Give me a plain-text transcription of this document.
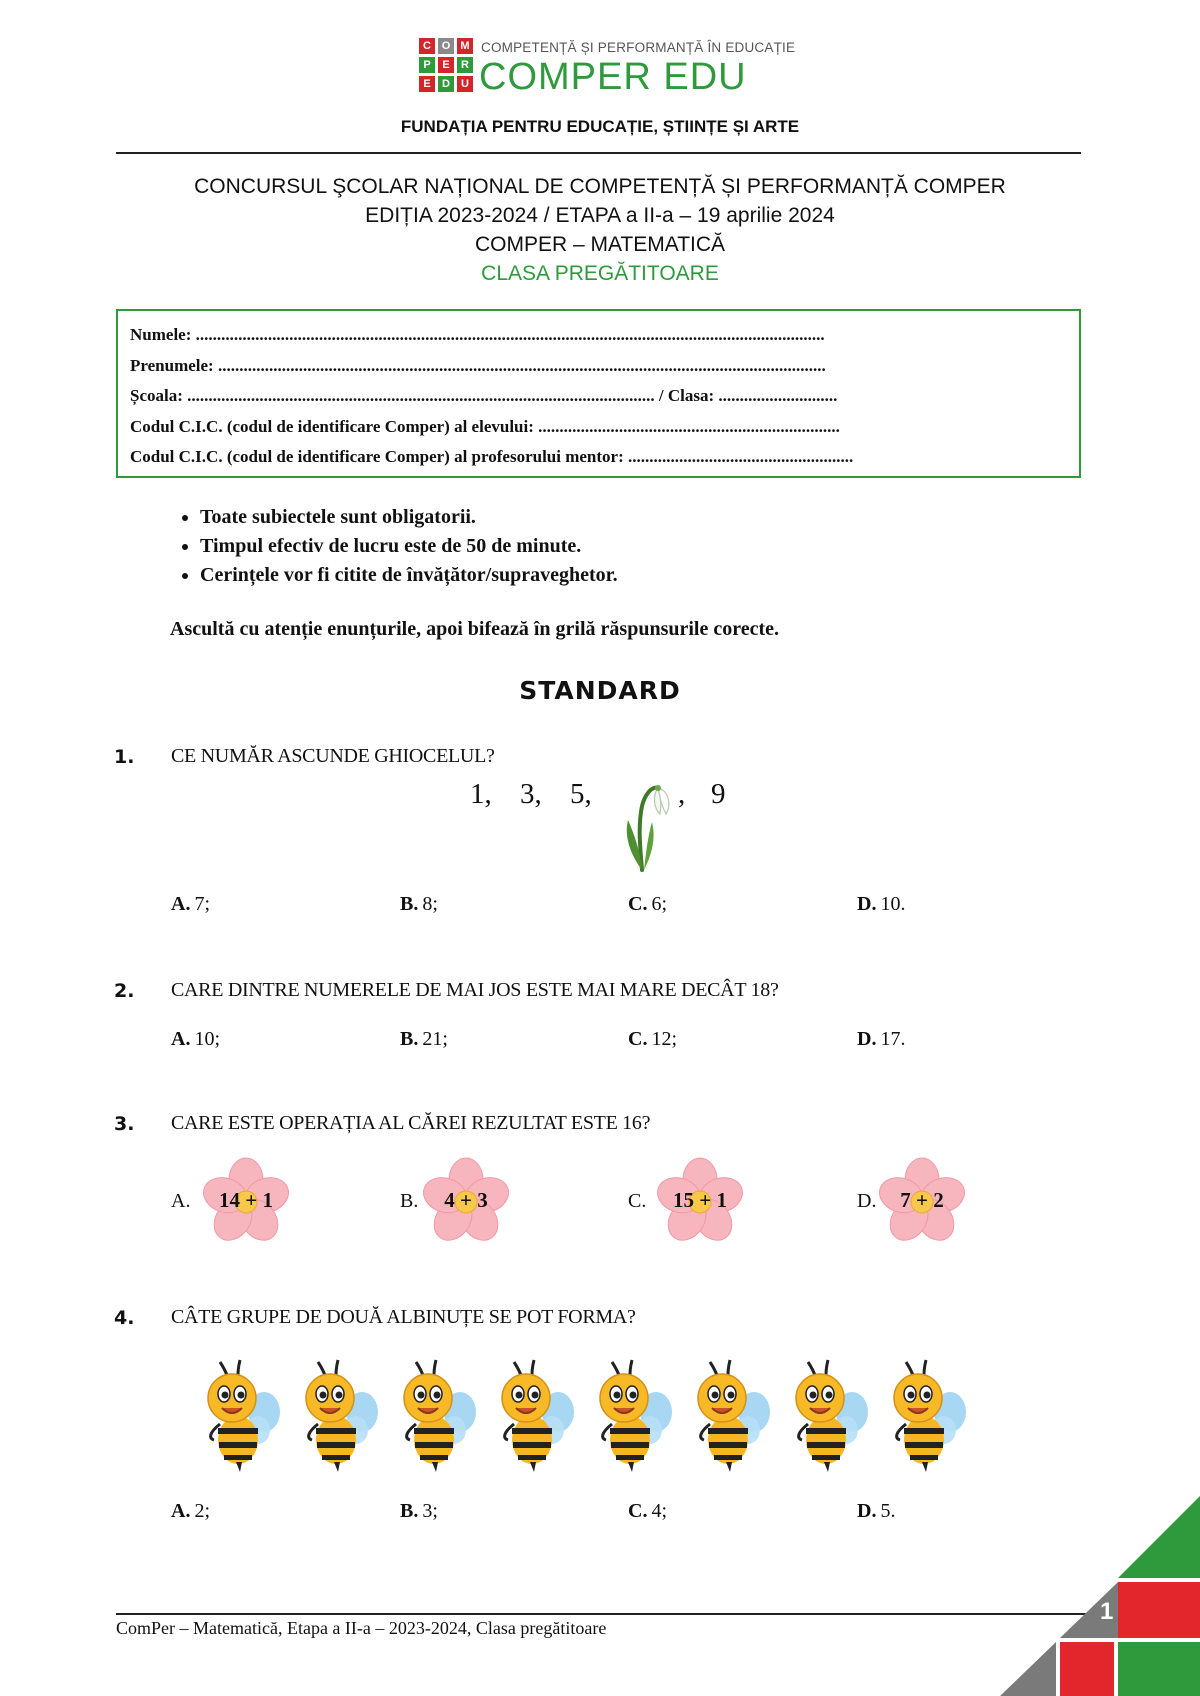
C O M
P	E	R
E	D	U
COMPETENȚĂ ȘI PERFORMANȚĂ ÎN EDUCAȚIE
COMPER EDU
FUNDAȚIA PENTRU EDUCAȚIE, ȘTIINȚE ȘI ARTE
CONCURSUL ŞCOLAR NAȚIONAL DE COMPETENȚĂ ȘI PERFORMANȚĂ COMPER
EDIȚIA 2023-2024 / ETAPA a II-a – 19 aprilie 2024
COMPER – MATEMATICĂ
CLASA PREGĂTITOARE
Numele: ....................................................................................................................................................
Prenumele: ...............................................................................................................................................
Școala: .............................................................................................................. / Clasa: ............................
Codul C.I.C. (codul de identificare Comper) al elevului: .......................................................................
Codul C.I.C. (codul de identificare Comper) al profesorului mentor: .....................................................
• Toate subiectele sunt obligatorii.
• Timpul efectiv de lucru este de 50 de minute.
• Cerințele vor fi citite de învățător/supraveghetor.
Ascultă cu atenție enunțurile, apoi bifează în grilă răspunsurile corecte.
STANDARD
1. CE NUMĂR ASCUNDE GHIOCELUL?
1, 3, 5,	, 9
A. 7;	B. 8;	C. 6;	D. 10.
2. CARE DINTRE NUMERELE DE MAI JOS ESTE MAI MARE DECÂT 18?
A. 10;	B. 21;	C. 12;	D. 17.
3. CARE ESTE OPERAȚIA AL CĂREI REZULTAT ESTE 16?
A.	14 + 1	B.	4 + 3	C.	15 + 1	D.	7 + 2
4. CÂTE GRUPE DE DOUĂ ALBINUȚE SE POT FORMA?
A. 2;	B. 3;	C. 4;	D. 5.
ComPer – Matematică, Etapa a II-a – 2023-2024, Clasa pregătitoare
1
